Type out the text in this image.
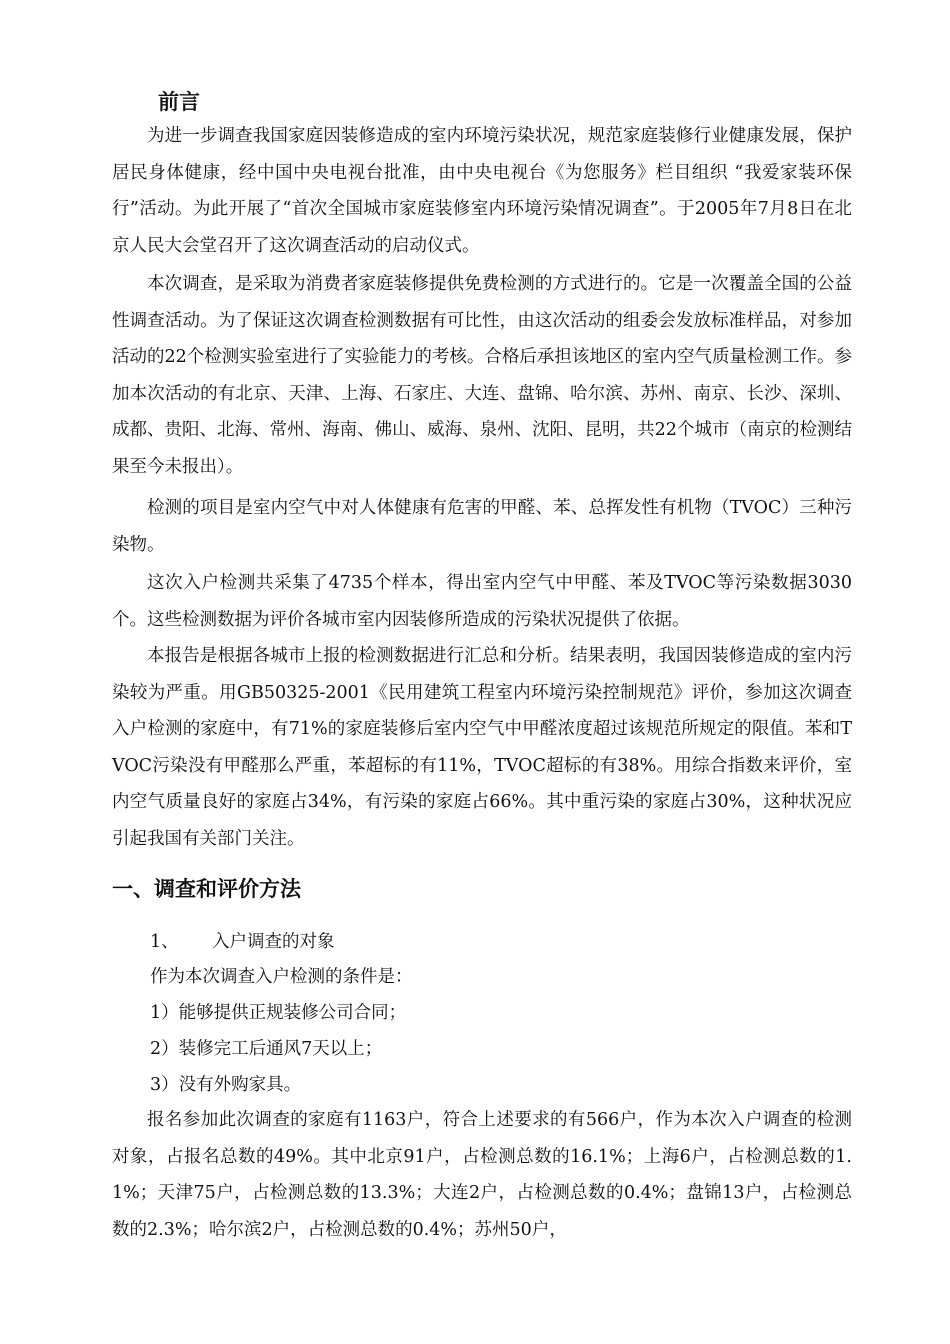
前言
为进一步调查我国家庭因装修造成的室内环境污染状况，规范家庭装修行业健康发展，保护居民身体健康，经中国中央电视台批准，由中央电视台《为您服务》栏目组织 “我爱家装环保行”活动。为此开展了“首次全国城市家庭装修室内环境污染情况调查”。于2005年7月8日在北京人民大会堂召开了这次调查活动的启动仪式。
本次调查，是采取为消费者家庭装修提供免费检测的方式进行的。它是一次覆盖全国的公益性调查活动。为了保证这次调查检测数据有可比性，由这次活动的组委会发放标准样品，对参加活动的22个检测实验室进行了实验能力的考核。合格后承担该地区的室内空气质量检测工作。参加本次活动的有北京、天津、上海、石家庄、大连、盘锦、哈尔滨、苏州、南京、长沙、深圳、成都、贵阳、北海、常州、海南、佛山、威海、泉州、沈阳、昆明，共22个城市（南京的检测结果至今未报出）。
检测的项目是室内空气中对人体健康有危害的甲醛、苯、总挥发性有机物（TVOC）三种污染物。
这次入户检测共采集了4735个样本，得出室内空气中甲醛、苯及TVOC等污染数据3030个。这些检测数据为评价各城市室内因装修所造成的污染状况提供了依据。
本报告是根据各城市上报的检测数据进行汇总和分析。结果表明，我国因装修造成的室内污染较为严重。用GB50325-2001《民用建筑工程室内环境污染控制规范》评价，参加这次调查入户检测的家庭中，有71%的家庭装修后室内空气中甲醛浓度超过该规范所规定的限值。苯和TVOC污染没有甲醛那么严重，苯超标的有11%，TVOC超标的有38%。用综合指数来评价，室内空气质量良好的家庭占34%，有污染的家庭占66%。其中重污染的家庭占30%，这种状况应引起我国有关部门关注。
一、调查和评价方法
1、 入户调查的对象
作为本次调查入户检测的条件是：
1）能够提供正规装修公司合同；
2）装修完工后通风7天以上；
3）没有外购家具。
报名参加此次调查的家庭有1163户，符合上述要求的有566户，作为本次入户调查的检测对象，占报名总数的49%。其中北京91户，占检测总数的16.1%；上海6户，占检测总数的1.1%；天津75户，占检测总数的13.3%；大连2户，占检测总数的0.4%；盘锦13户，占检测总数的2.3%；哈尔滨2户，占检测总数的0.4%；苏州50户，
